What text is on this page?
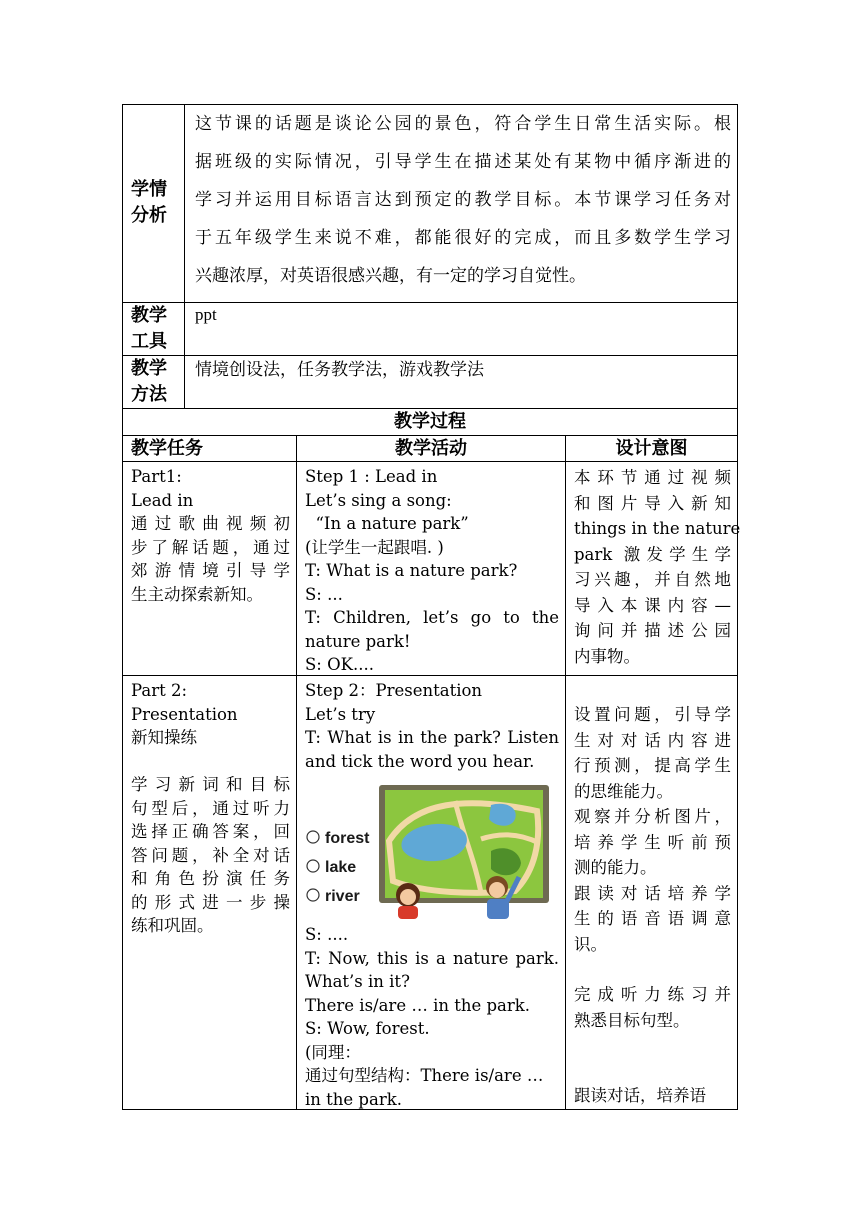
学情
分析
这节课的话题是谈论公园的景色，符合学生日常生活实际。根
据班级的实际情况，引导学生在描述某处有某物中循序渐进的
学习并运用目标语言达到预定的教学目标。本节课学习任务对
于五年级学生来说不难，都能很好的完成，而且多数学生学习
兴趣浓厚，对英语很感兴趣，有一定的学习自觉性。
教学
工具
ppt
教学
方法
情境创设法，任务教学法，游戏教学法
教学过程
教学任务	教学活动	设计意图
Part1:
Lead in
通过歌曲视频初
步了解话题，通过
郊游情境引导学
生主动探索新知。
Step 1 : Lead in
Let’s sing a song:
“In a nature park”
(让学生一起跟唱. )
T: What is a nature park?
S: ...
T: Children, let’s go to the
nature park!
S: OK....
本环节通过视频
和图片导入新知
things in the nature
park 激发学生学
习兴趣，并自然地
导入本课内容—
询问并描述公园
内事物。
Part 2:
Presentation
新知操练
学习新词和目标
句型后，通过听力
选择正确答案，回
答问题，补全对话
和角色扮演任务
的形式进一步操
练和巩固。
Step 2：Presentation
Let’s try
T: What is in the park? Listen
and tick the word you hear.
forest
lake
river
S: ....
T: Now, this is a nature park.
What’s in it?
There is/are … in the park.
S: Wow, forest.
(同理：
通过句型结构：There is/are …
in the park.
设置问题，引导学
生对对话内容进
行预测，提高学生
的思维能力。
观察并分析图片，
培养学生听前预
测的能力。
跟读对话培养学
生的语音语调意
识。
完成听力练习并
熟悉目标句型。
跟读对话，培养语
